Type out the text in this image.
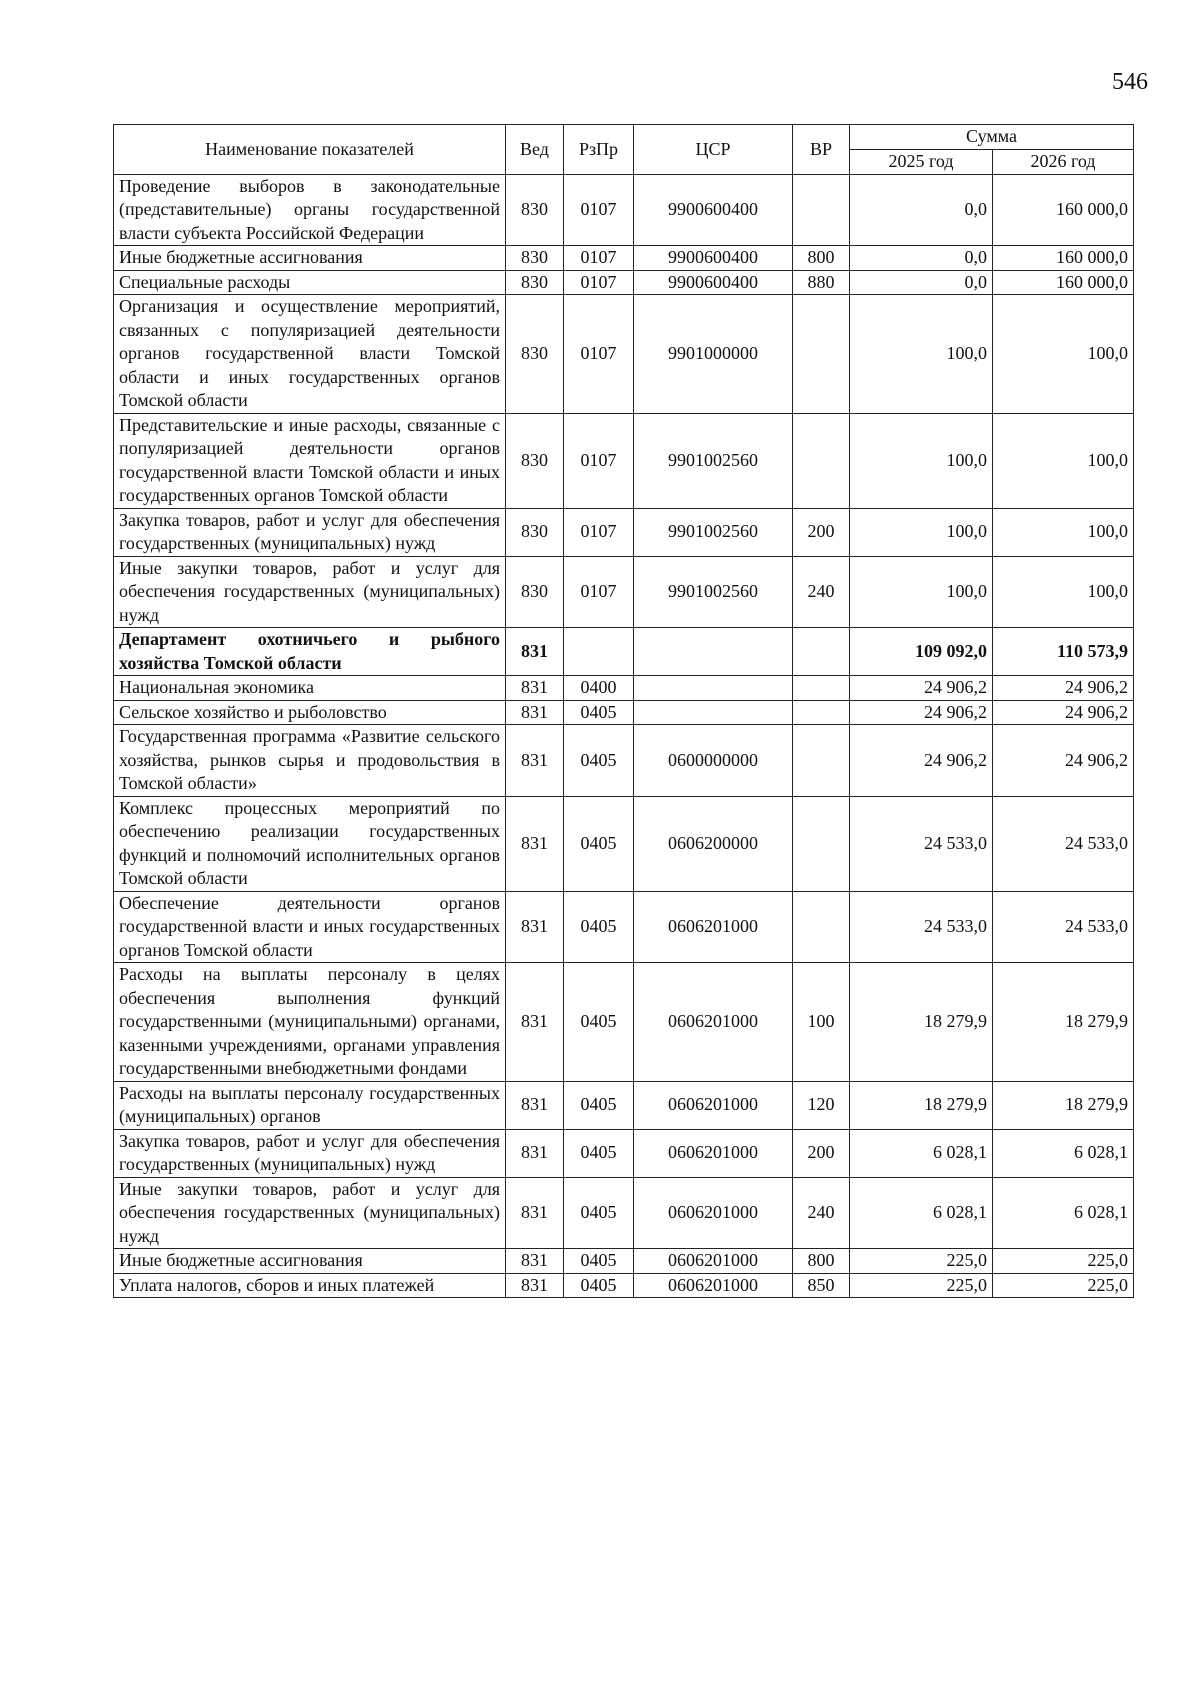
546
Наименование показателей	Вед	РзПр	ЦСР	ВР	Сумма	
					2025 год	2026 год
Проведение выборов в законодательные (представительные) органы государственной власти субъекта Российской Федерации	830	0107	9900600400		0,0	160 000,0
Иные бюджетные ассигнования	830	0107	9900600400	800	0,0	160 000,0
Специальные расходы	830	0107	9900600400	880	0,0	160 000,0
Организация и осуществление мероприятий, связанных с популяризацией деятельности органов государственной власти Томской области и иных государственных органов Томской области	830	0107	9901000000		100,0	100,0
Представительские и иные расходы, связанные с популяризацией деятельности органов государственной власти Томской области и иных государственных органов Томской области	830	0107	9901002560		100,0	100,0
Закупка товаров, работ и услуг для обеспечения государственных (муниципальных) нужд	830	0107	9901002560	200	100,0	100,0
Иные закупки товаров, работ и услуг для обеспечения государственных (муниципальных) нужд	830	0107	9901002560	240	100,0	100,0
Департамент охотничьего и рыбного хозяйства Томской области	831				109 092,0	110 573,9
Национальная экономика	831	0400			24 906,2	24 906,2
Сельское хозяйство и рыболовство	831	0405			24 906,2	24 906,2
Государственная программа «Развитие сельского хозяйства, рынков сырья и продовольствия в Томской области»	831	0405	0600000000		24 906,2	24 906,2
Комплекс процессных мероприятий по обеспечению реализации государственных функций и полномочий исполнительных органов Томской области	831	0405	0606200000		24 533,0	24 533,0
Обеспечение деятельности органов государственной власти и иных государственных органов Томской области	831	0405	0606201000		24 533,0	24 533,0
Расходы на выплаты персоналу в целях обеспечения выполнения функций государственными (муниципальными) органами, казенными учреждениями, органами управления государственными внебюджетными фондами	831	0405	0606201000	100	18 279,9	18 279,9
Расходы на выплаты персоналу государственных (муниципальных) органов	831	0405	0606201000	120	18 279,9	18 279,9
Закупка товаров, работ и услуг для обеспечения государственных (муниципальных) нужд	831	0405	0606201000	200	6 028,1	6 028,1
Иные закупки товаров, работ и услуг для обеспечения государственных (муниципальных) нужд	831	0405	0606201000	240	6 028,1	6 028,1
Иные бюджетные ассигнования	831	0405	0606201000	800	225,0	225,0
Уплата налогов, сборов и иных платежей	831	0405	0606201000	850	225,0	225,0
